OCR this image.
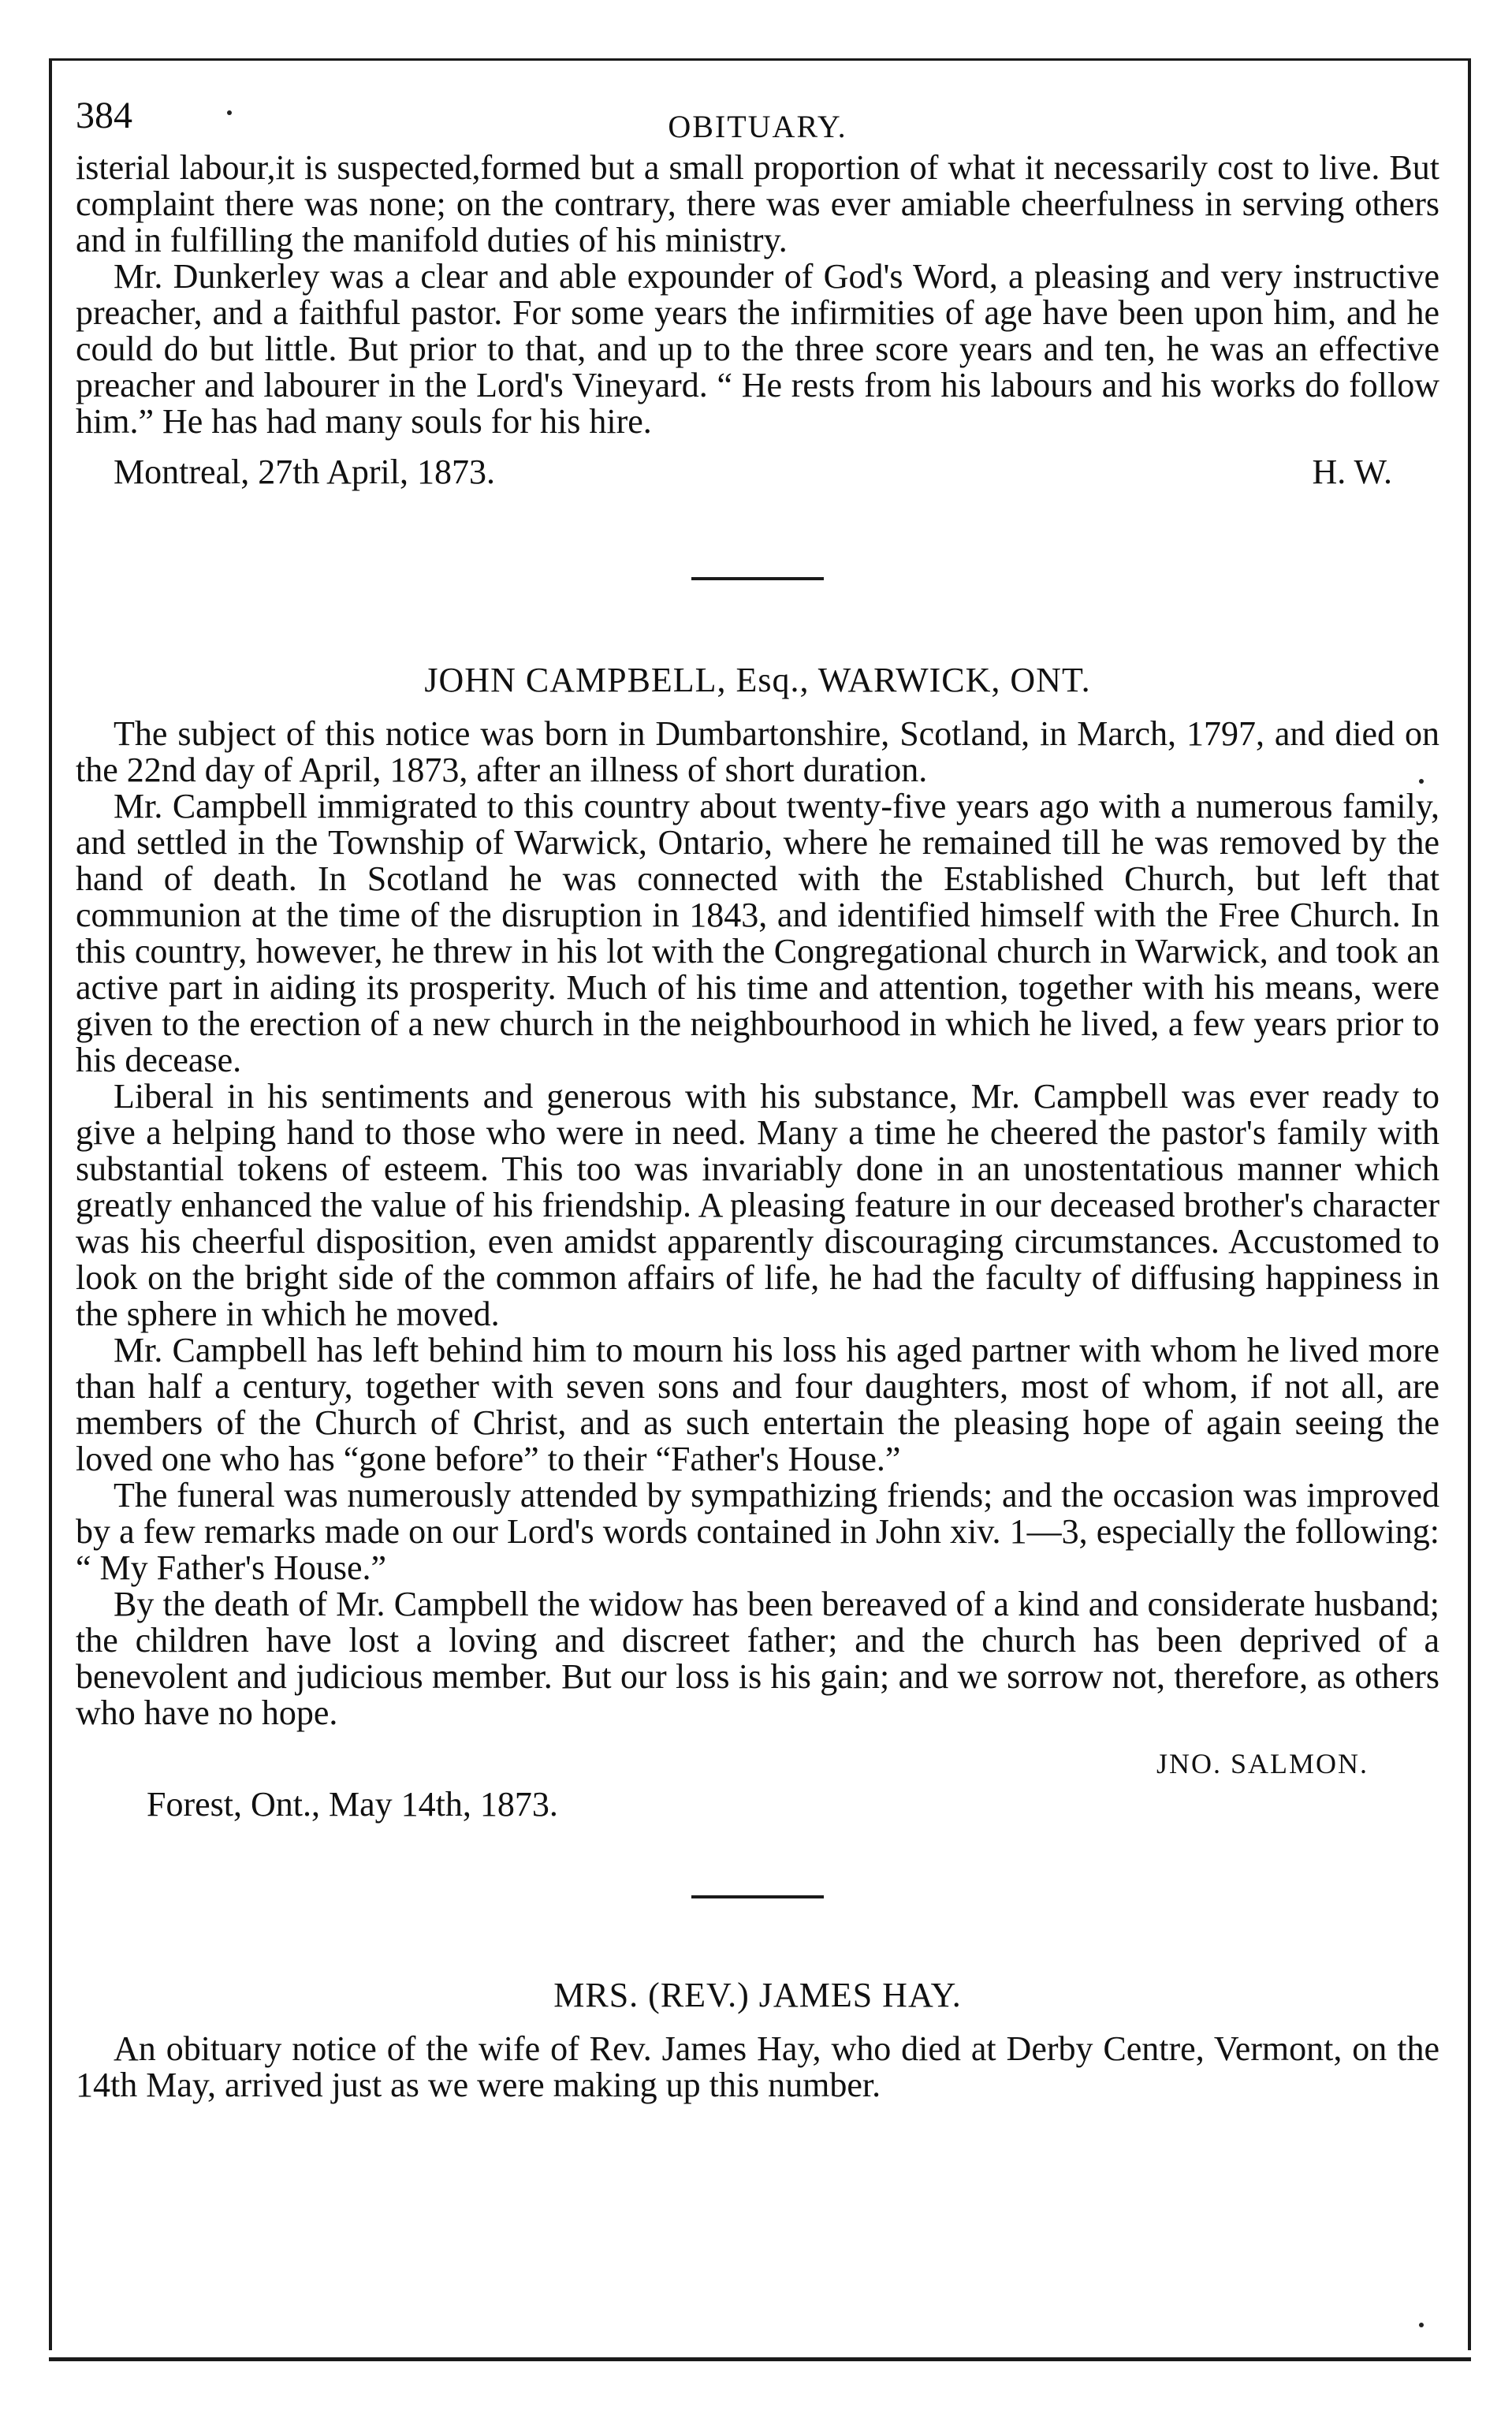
384	OBITUARY.

isterial labour,it is suspected,formed but a small proportion of what it necessarily cost to live. But complaint there was none; on the contrary, there was ever amiable cheerfulness in serving others and in fulfilling the manifold duties of his ministry.

Mr. Dunkerley was a clear and able expounder of God's Word, a pleasing and very instructive preacher, and a faithful pastor. For some years the infirmities of age have been upon him, and he could do but little. But prior to that, and up to the three score years and ten, he was an effective preacher and labourer in the Lord's Vineyard. “ He rests from his labours and his works do follow him.” He has had many souls for his hire.

Montreal, 27th April, 1873.	H. W.
JOHN CAMPBELL, Esq., WARWICK, ONT.

The subject of this notice was born in Dumbartonshire, Scotland, in March, 1797, and died on the 22nd day of April, 1873, after an illness of short duration.

Mr. Campbell immigrated to this country about twenty-five years ago with a numerous family, and settled in the Township of Warwick, Ontario, where he remained till he was removed by the hand of death. In Scotland he was connected with the Established Church, but left that communion at the time of the disruption in 1843, and identified himself with the Free Church. In this country, however, he threw in his lot with the Congregational church in Warwick, and took an active part in aiding its prosperity. Much of his time and attention, together with his means, were given to the erection of a new church in the neighbourhood in which he lived, a few years prior to his decease.

Liberal in his sentiments and generous with his substance, Mr. Campbell was ever ready to give a helping hand to those who were in need. Many a time he cheered the pastor's family with substantial tokens of esteem. This too was invariably done in an unostentatious manner which greatly enhanced the value of his friendship. A pleasing feature in our deceased brother's character was his cheerful disposition, even amidst apparently discouraging circumstances. Accustomed to look on the bright side of the common affairs of life, he had the faculty of diffusing happiness in the sphere in which he moved.

Mr. Campbell has left behind him to mourn his loss his aged partner with whom he lived more than half a century, together with seven sons and four daughters, most of whom, if not all, are members of the Church of Christ, and as such entertain the pleasing hope of again seeing the loved one who has “gone before” to their “Father's House.”

The funeral was numerously attended by sympathizing friends; and the occasion was improved by a few remarks made on our Lord's words contained in John xiv. 1—3, especially the following: “ My Father's House.”

By the death of Mr. Campbell the widow has been bereaved of a kind and considerate husband; the children have lost a loving and discreet father; and the church has been deprived of a benevolent and judicious member. But our loss is his gain; and we sorrow not, therefore, as others who have no hope.

JNO. SALMON.
Forest, Ont., May 14th, 1873.
MRS. (REV.) JAMES HAY.

An obituary notice of the wife of Rev. James Hay, who died at Derby Centre, Vermont, on the 14th May, arrived just as we were making up this number.
